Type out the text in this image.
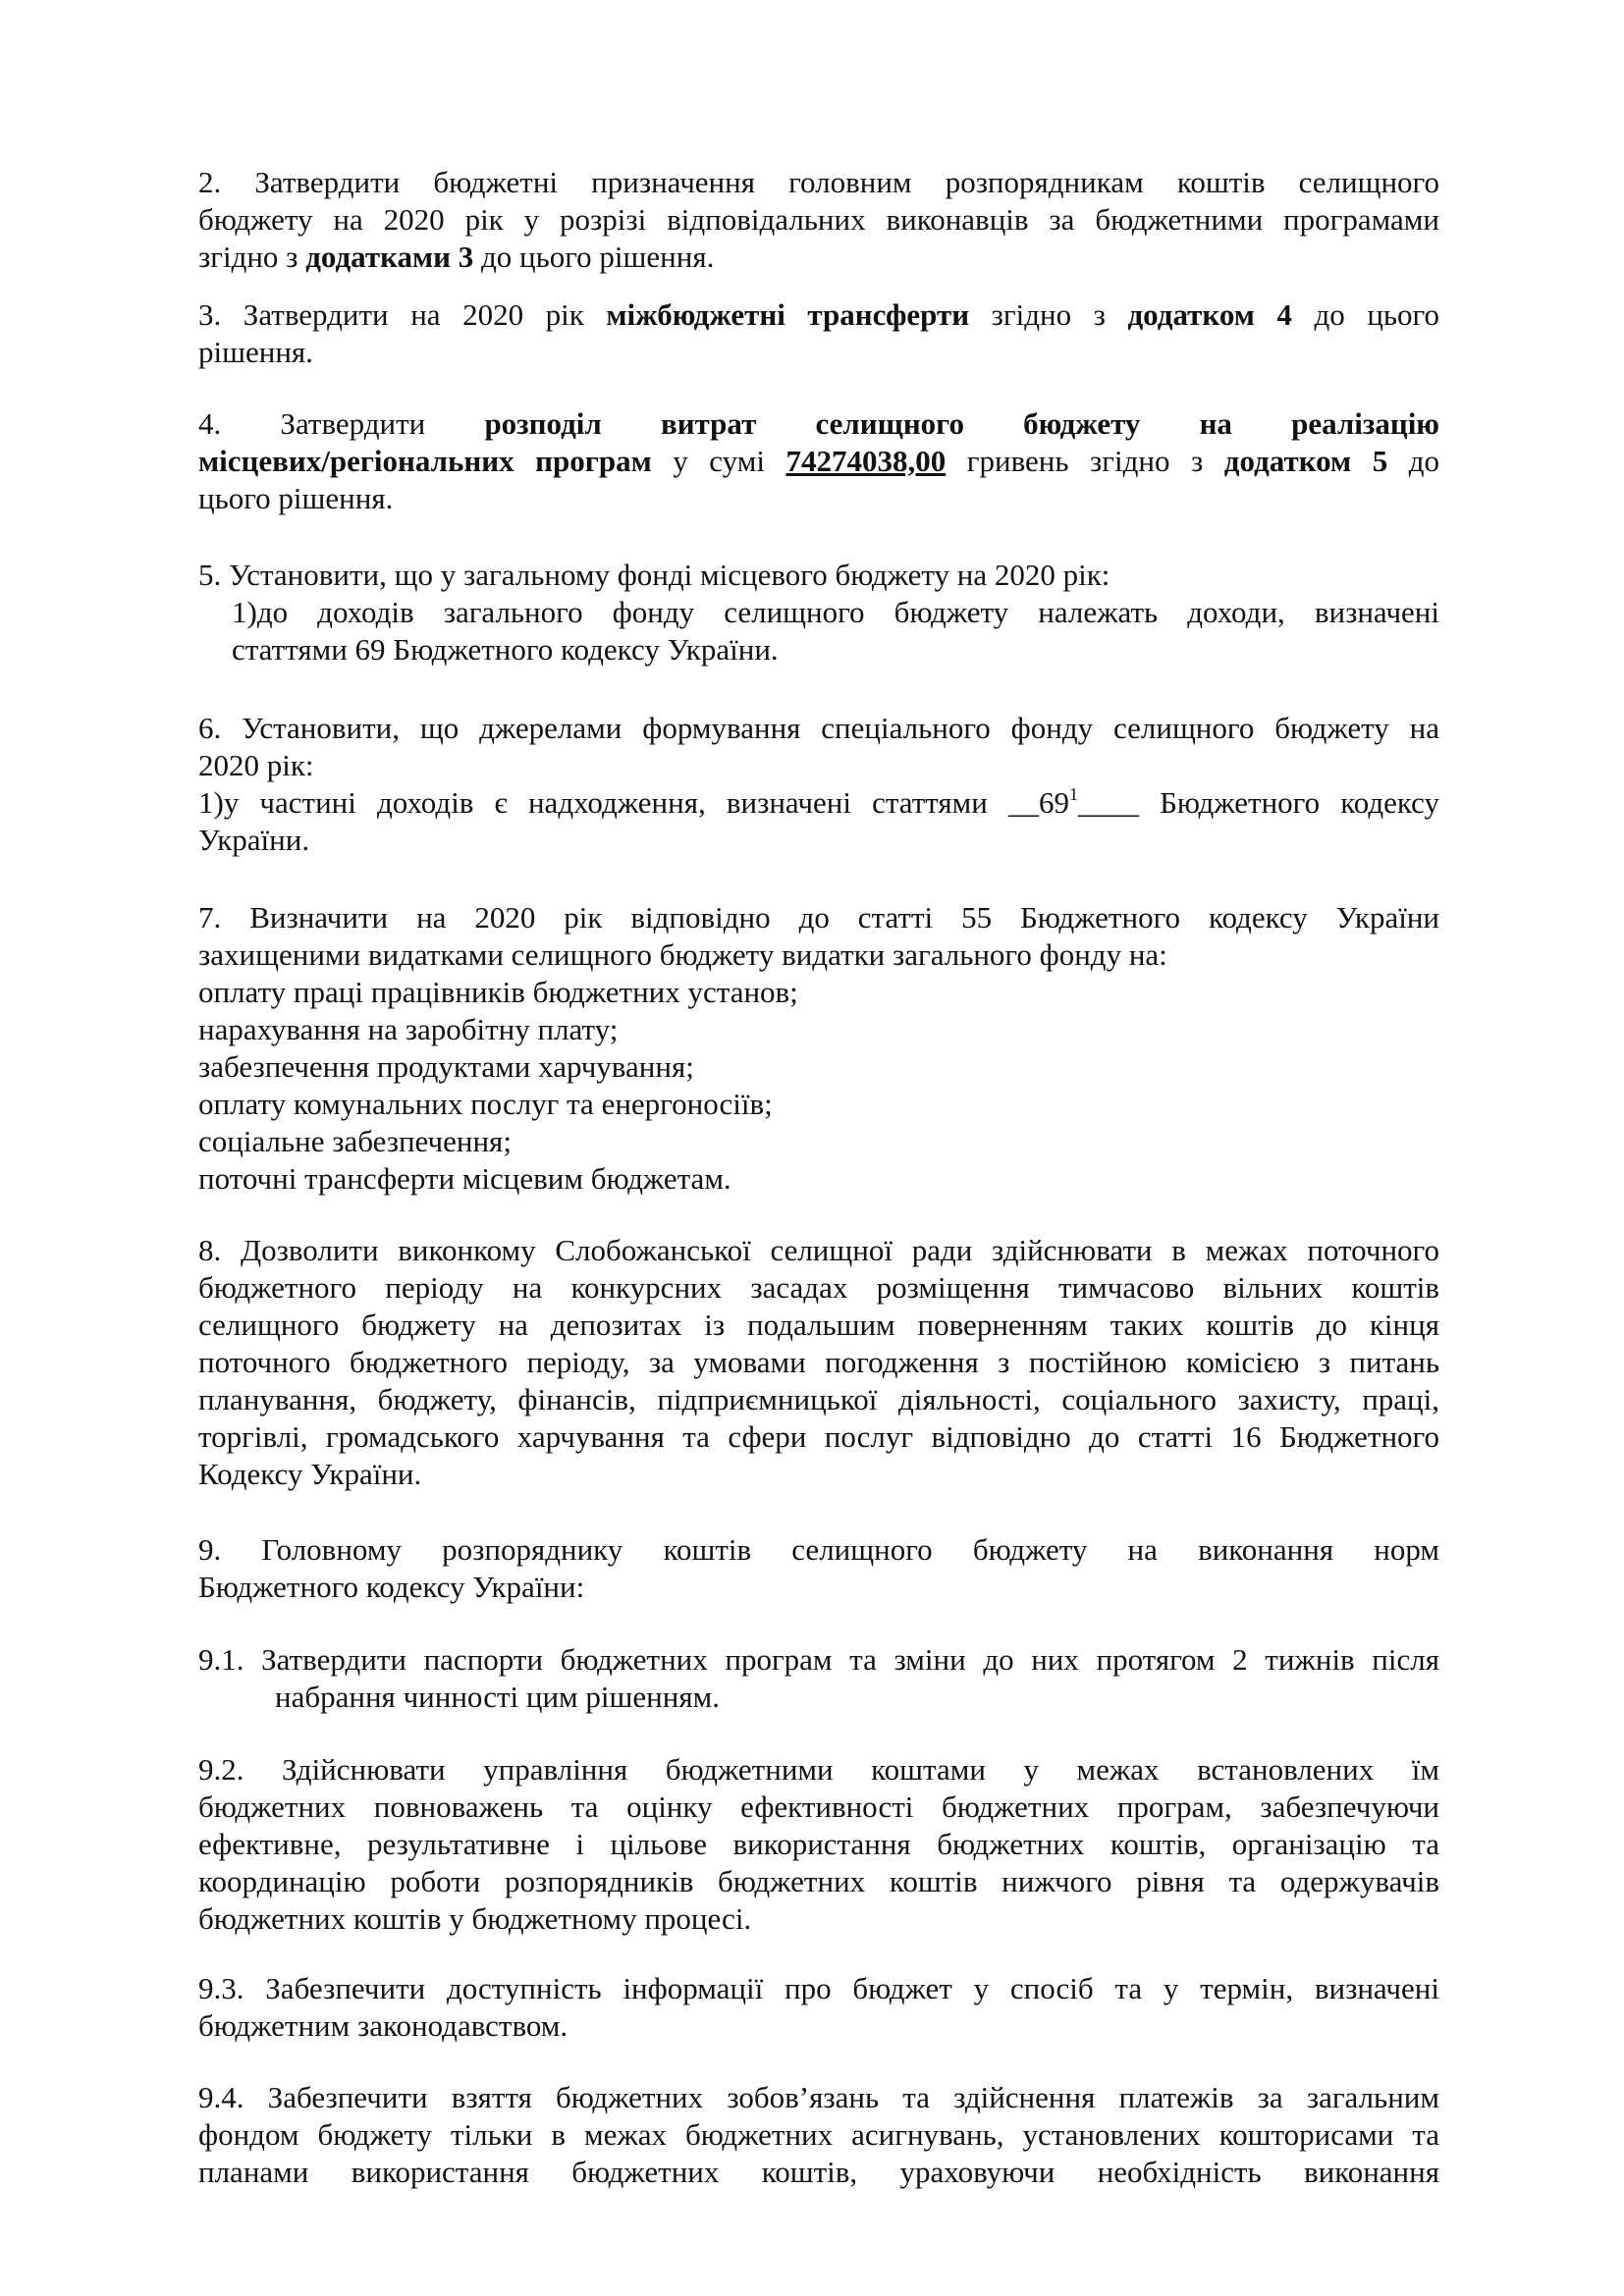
2. Затвердити бюджетні призначення головним розпорядникам коштів селищного
бюджету на 2020 рік у розрізі відповідальних виконавців за бюджетними програмами
згідно з додатками 3 до цього рішення.
3. Затвердити на 2020 рік міжбюджетні трансферти згідно з додатком 4 до цього
рішення.
4. Затвердити розподіл витрат селищного бюджету на реалізацію
місцевих/регіональних програм у сумі 74274038,00 гривень згідно з додатком 5 до
цього рішення.
5. Установити, що у загальному фонді місцевого бюджету на 2020 рік:
1)до доходів загального фонду селищного бюджету належать доходи, визначені
статтями 69 Бюджетного кодексу України.
6. Установити, що джерелами формування спеціального фонду селищного бюджету на
2020 рік:
1)у частині доходів є надходження, визначені статтями $\_\_69^1\_\_\_\_$ Бюджетного кодексу
України.
7. Визначити на 2020 рік відповідно до статті 55 Бюджетного кодексу України
захищеними видатками селищного бюджету видатки загального фонду на:
оплату праці працівників бюджетних установ;
нарахування на заробітну плату;
забезпечення продуктами харчування;
оплату комунальних послуг та енергоносіїв;
соціальне забезпечення;
поточні трансферти місцевим бюджетам.
8. Дозволити виконкому Слобожанської селищної ради здійснювати в межах поточного
бюджетного періоду на конкурсних засадах розміщення тимчасово вільних коштів
селищного бюджету на депозитах із подальшим поверненням таких коштів до кінця
поточного бюджетного періоду, за умовами погодження з постійною комісією з питань
планування, бюджету, фінансів, підприємницької діяльності, соціального захисту, праці,
торгівлі, громадського харчування та сфери послуг відповідно до статті 16 Бюджетного
Кодексу України.
9. Головному розпоряднику коштів селищного бюджету на виконання норм
Бюджетного кодексу України:
9.1. Затвердити паспорти бюджетних програм та зміни до них протягом 2 тижнів після
набрання чинності цим рішенням.
9.2. Здійснювати управління бюджетними коштами у межах встановлених їм
бюджетних повноважень та оцінку ефективності бюджетних програм, забезпечуючи
ефективне, результативне і цільове використання бюджетних коштів, організацію та
координацію роботи розпорядників бюджетних коштів нижчого рівня та одержувачів
бюджетних коштів у бюджетному процесі.
9.3. Забезпечити доступність інформації про бюджет у спосіб та у термін, визначені
бюджетним законодавством.
9.4. Забезпечити взяття бюджетних зобов’язань та здійснення платежів за загальним
фондом бюджету тільки в межах бюджетних асигнувань, установлених кошторисами та
планами використання бюджетних коштів, ураховуючи необхідність виконання
